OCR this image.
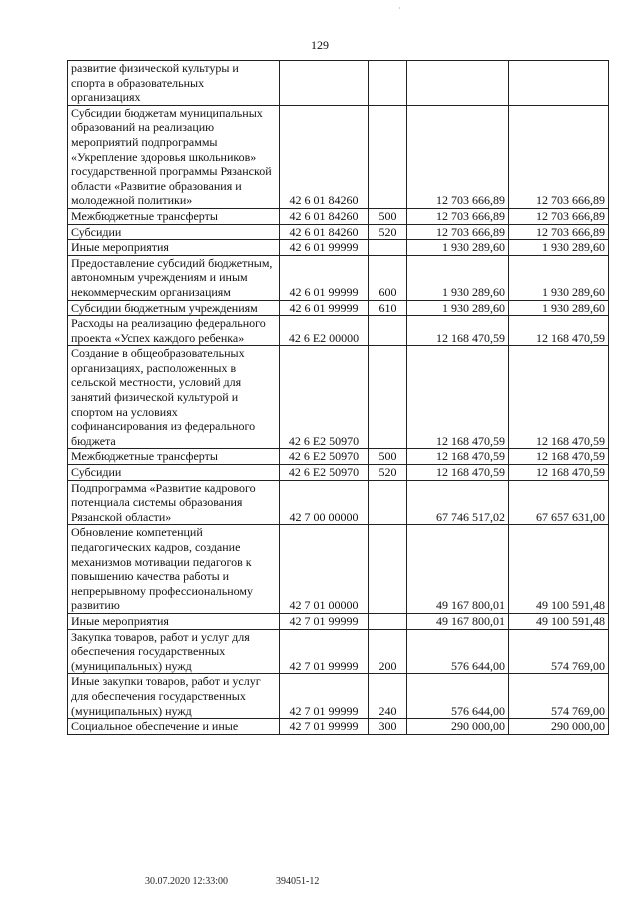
·
129
развитие физической культуры и спорта в образовательных организациях				
Субсидии бюджетам муниципальных образований на реализацию мероприятий подпрограммы «Укрепление здоровья школьников» государственной программы Рязанской области «Развитие образования и молодежной политики»	42 6 01 84260		12 703 666,89	12 703 666,89
Межбюджетные трансферты	42 6 01 84260	500	12 703 666,89	12 703 666,89
Субсидии	42 6 01 84260	520	12 703 666,89	12 703 666,89
Иные мероприятия	42 6 01 99999		1 930 289,60	1 930 289,60
Предоставление субсидий бюджетным, автономным учреждениям и иным некоммерческим организациям	42 6 01 99999	600	1 930 289,60	1 930 289,60
Субсидии бюджетным учреждениям	42 6 01 99999	610	1 930 289,60	1 930 289,60
Расходы на реализацию федерального проекта «Успех каждого ребенка»	42 6 E2 00000		12 168 470,59	12 168 470,59
Создание в общеобразовательных организациях, расположенных в сельской местности, условий для занятий физической культурой и спортом на условиях софинансирования из федерального бюджета	42 6 E2 50970		12 168 470,59	12 168 470,59
Межбюджетные трансферты	42 6 E2 50970	500	12 168 470,59	12 168 470,59
Субсидии	42 6 E2 50970	520	12 168 470,59	12 168 470,59
Подпрограмма «Развитие кадрового потенциала системы образования Рязанской области»	42 7 00 00000		67 746 517,02	67 657 631,00
Обновление компетенций педагогических кадров, создание механизмов мотивации педагогов к повышению качества работы и непрерывному профессиональному развитию	42 7 01 00000		49 167 800,01	49 100 591,48
Иные мероприятия	42 7 01 99999		49 167 800,01	49 100 591,48
Закупка товаров, работ и услуг для обеспечения государственных (муниципальных) нужд	42 7 01 99999	200	576 644,00	574 769,00
Иные закупки товаров, работ и услуг для обеспечения государственных (муниципальных) нужд	42 7 01 99999	240	576 644,00	574 769,00
Социальное обеспечение и иные	42 7 01 99999	300	290 000,00	290 000,00
30.07.2020 12:33:00	394051-12
